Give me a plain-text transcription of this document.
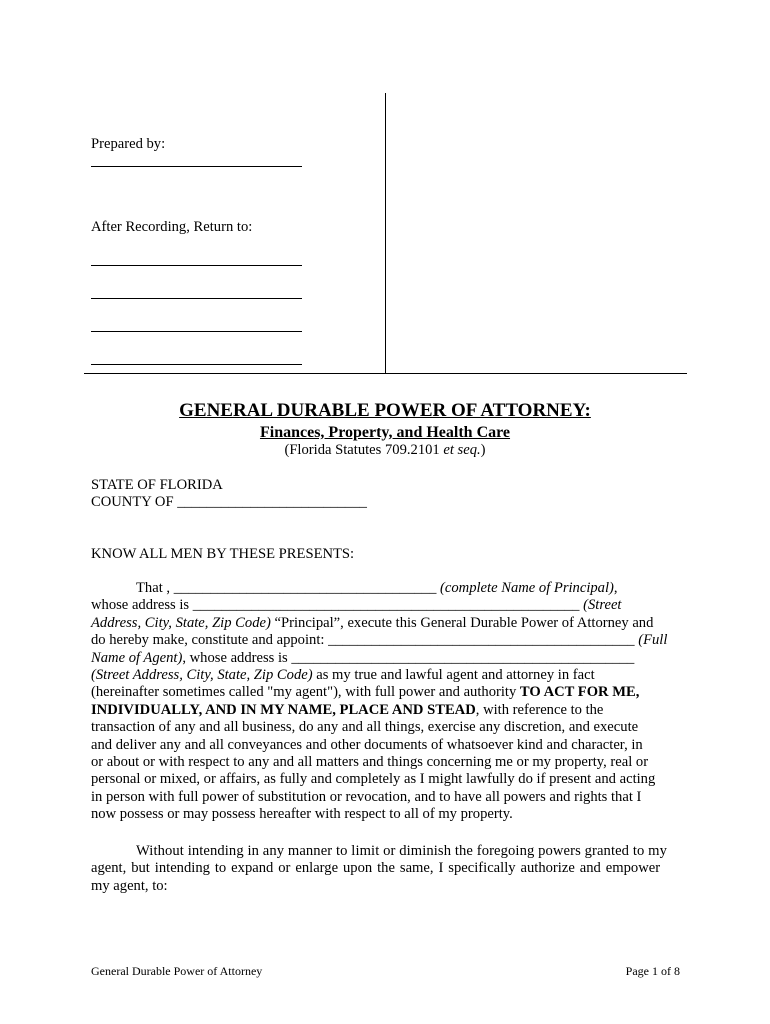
Prepared by:
After Recording, Return to:
GENERAL DURABLE POWER OF ATTORNEY:
Finances, Property, and Health Care
(Florida Statutes 709.2101 et seq.)
STATE OF FLORIDA
COUNTY OF __________________________
KNOW ALL MEN BY THESE PRESENTS:
That , ____________________________________ (complete Name of Principal),
whose address is _____________________________________________________ (Street
Address, City, State, Zip Code) “Principal”, execute this General Durable Power of Attorney and
do hereby make, constitute and appoint: __________________________________________ (Full
Name of Agent), whose address is _______________________________________________
(Street Address, City, State, Zip Code) as my true and lawful agent and attorney in fact
(hereinafter sometimes called "my agent"), with full power and authority TO ACT FOR ME,
INDIVIDUALLY, AND IN MY NAME, PLACE AND STEAD, with reference to the
transaction of any and all business, do any and all things, exercise any discretion, and execute
and deliver any and all conveyances and other documents of whatsoever kind and character, in
or about or with respect to any and all matters and things concerning me or my property, real or
personal or mixed, or affairs, as fully and completely as I might lawfully do if present and acting
in person with full power of substitution or revocation, and to have all powers and rights that I
now possess or may possess hereafter with respect to all of my property.
Without intending in any manner to limit or diminish the foregoing powers granted to my
agent, but intending to expand or enlarge upon the same, I specifically authorize and empower
my agent, to:
General Durable Power of Attorney	Page 1 of 8
